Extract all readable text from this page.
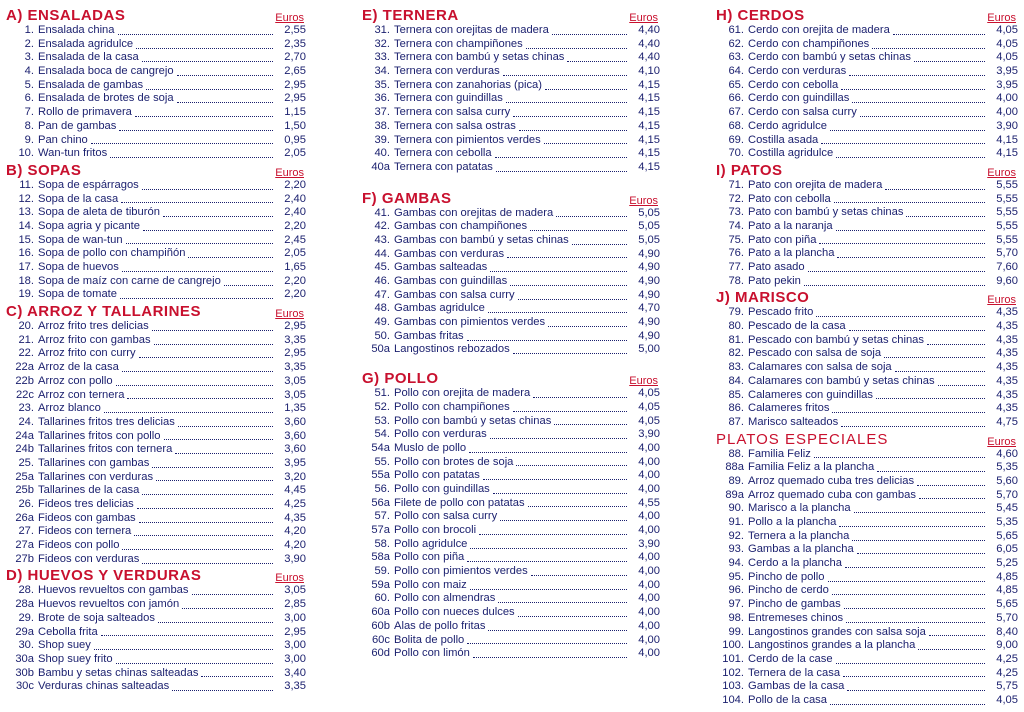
A) ENSALADAS	Euros
1. Ensalada china	2,55
2. Ensalada agridulce	2,35
3. Ensalada de la casa	2,70
4. Ensalada boca de cangrejo	2,65
5. Ensalada de gambas	2,95
6. Ensalada de brotes de soja	2,95
7. Rollo de primavera	1,15
8. Pan de gambas	1,50
9. Pan chino	0,95
10. Wan-tun fritos	2,05
B) SOPAS	Euros
11. Sopa de espárragos	2,20
12. Sopa de la casa	2,40
13. Sopa de aleta de tiburón	2,40
14. Sopa agria y picante	2,20
15. Sopa de wan-tun	2,45
16. Sopa de pollo con champiñón	2,05
17. Sopa de huevos	1,65
18. Sopa de maíz con carne de cangrejo	2,20
19. Sopa de tomate	2,20
C) ARROZ Y TALLARINES	Euros
20. Arroz frito tres delicias	2,95
21. Arroz frito con gambas	3,35
22. Arroz frito con curry	2,95
22a Arroz de la casa	3,35
22b Arroz con pollo	3,05
22c Arroz con ternera	3,05
23. Arroz blanco	1,35
24. Tallarines fritos tres delicias	3,60
24a Tallarines fritos con pollo	3,60
24b Tallarines fritos con ternera	3,60
25. Tallarines con gambas	3,95
25a Tallarines con verduras	3,20
25b Tallarines de la casa	4,45
26. Fideos tres delicias	4,25
26a Fideos con gambas	4,35
27. Fideos con ternera	4,20
27a Fideos con pollo	4,20
27b Fideos con verduras	3,90
D) HUEVOS Y VERDURAS	Euros
28. Huevos revueltos con gambas	3,05
28a Huevos revueltos con jamón	2,85
29. Brote de soja salteados	3,00
29a Cebolla frita	2,95
30. Shop suey	3,00
30a Shop suey frito	3,00
30b Bambu y setas chinas salteadas	3,40
30c Verduras chinas salteadas	3,35
E) TERNERA	Euros
31. Ternera con orejitas de madera	4,40
32. Ternera con champiñones	4,40
33. Ternera con bambú y setas chinas	4,40
34. Ternera con verduras	4,10
35. Ternera con zanahorias (pica)	4,15
36. Ternera con guindillas	4,15
37. Ternera con salsa curry	4,15
38. Ternera con salsa ostras	4,15
39. Ternera con pimientos verdes	4,15
40. Ternera con cebolla	4,15
40a Ternera con patatas	4,15
F) GAMBAS	Euros
41. Gambas con orejitas de madera	5,05
42. Gambas con champiñones	5,05
43. Gambas con bambú y setas chinas	5,05
44. Gambas con verduras	4,90
45. Gambas salteadas	4,90
46. Gambas con guindillas	4,90
47. Gambas con salsa curry	4,90
48. Gambas agridulce	4,70
49. Gambas con pimientos verdes	4,90
50. Gambas fritas	4,90
50a Langostinos rebozados	5,00
G) POLLO	Euros
51. Pollo con orejita de madera	4,05
52. Pollo con champiñones	4,05
53. Pollo con bambú y setas chinas	4,05
54. Pollo con verduras	3,90
54a Muslo de pollo	4,00
55. Pollo con brotes de soja	4,00
55a Pollo con patatas	4,00
56. Pollo con guindillas	4,00
56a Filete de pollo con patatas	4,55
57. Pollo con salsa curry	4,00
57a Pollo con brocoli	4,00
58. Pollo agridulce	3,90
58a Pollo con piña	4,00
59. Pollo con pimientos verdes	4,00
59a Pollo con maiz	4,00
60. Pollo con almendras	4,00
60a Pollo con nueces dulces	4,00
60b Alas de pollo fritas	4,00
60c Bolita de pollo	4,00
60d Pollo con limón	4,00
H) CERDOS	Euros
61. Cerdo con orejita de madera	4,05
62. Cerdo con champiñones	4,05
63. Cerdo con bambú y setas chinas	4,05
64. Cerdo con verduras	3,95
65. Cerdo con cebolla	3,95
66. Cerdo con guindillas	4,00
67. Cerdo con salsa curry	4,00
68. Cerdo agridulce	3,90
69. Costilla asada	4,15
70. Costilla agridulce	4,15
I) PATOS	Euros
71. Pato con orejita de madera	5,55
72. Pato con cebolla	5,55
73. Pato con bambú y setas chinas	5,55
74. Pato a la naranja	5,55
75. Pato con piña	5,55
76. Pato a la plancha	5,70
77. Pato asado	7,60
78. Pato pekin	9,60
J) MARISCO	Euros
79. Pescado frito	4,35
80. Pescado de la casa	4,35
81. Pescado con bambú y setas chinas	4,35
82. Pescado con salsa de soja	4,35
83. Calamares con salsa de soja	4,35
84. Calamares con bambú y setas chinas	4,35
85. Calameres con guindillas	4,35
86. Calameres fritos	4,35
87. Marisco salteados	4,75
PLATOS ESPECIALES	Euros
88. Familia Feliz	4,60
88a Familia Feliz a la plancha	5,35
89. Arroz quemado cuba tres delicias	5,60
89a Arroz quemado cuba con gambas	5,70
90. Marisco a la plancha	5,45
91. Pollo a la plancha	5,35
92. Ternera a la plancha	5,65
93. Gambas a la plancha	6,05
94. Cerdo a la plancha	5,25
95. Pincho de pollo	4,85
96. Pincho de cerdo	4,85
97. Pincho de gambas	5,65
98. Entremeses chinos	5,70
99. Langostinos grandes con salsa soja	8,40
100. Langostinos grandes a la plancha	9,00
101. Cerdo de la case	4,25
102. Ternera de la casa	4,25
103. Gambas de la casa	5,75
104. Pollo de la casa	4,05
